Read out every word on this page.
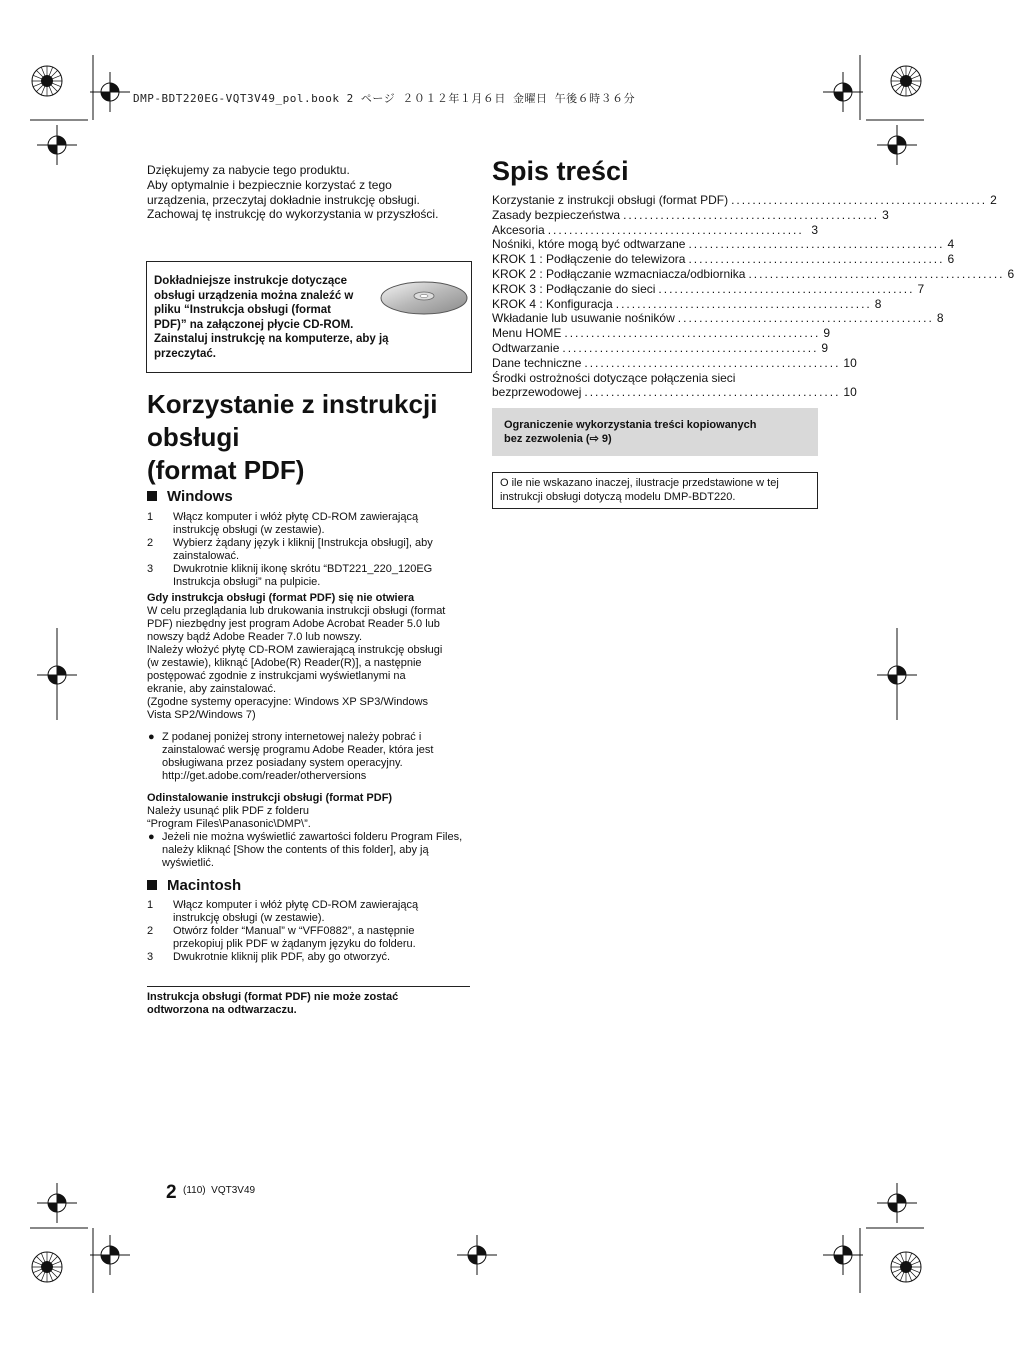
DMP-BDT220EG-VQT3V49_pol.book 2 ページ ２０１２年１月６日 金曜日 午後６時３６分
Dziękujemy za nabycie tego produktu.
Aby optymalnie i bezpiecznie korzystać z tego
urządzenia, przeczytaj dokładnie instrukcję obsługi.
Zachowaj tę instrukcję do wykorzystania w przyszłości.
Dokładniejsze instrukcje dotyczące
obsługi urządzenia można znaleźć w
pliku “Instrukcja obsługi (format
PDF)” na załączonej płycie CD-ROM.
Zainstaluj instrukcję na komputerze, aby ją
przeczytać.
Korzystanie z instrukcji
obsługi
(format PDF)
Windows
1 Włącz komputer i włóż płytę CD-ROM zawierającą instrukcję obsługi (w zestawie).
2 Wybierz żądany język i kliknij [Instrukcja obsługi], aby zainstalować.
3 Dwukrotnie kliknij ikonę skrótu “BDT221_220_120EG Instrukcja obsługi” na pulpicie.
Gdy instrukcja obsługi (format PDF) się nie otwiera
W celu przeglądania lub drukowania instrukcji obsługi (format
PDF) niezbędny jest program Adobe Acrobat Reader 5.0 lub
nowszy bądź Adobe Reader 7.0 lub nowszy.
lNależy włożyć płytę CD-ROM zawierającą instrukcję obsługi
(w zestawie), kliknąć [Adobe(R) Reader(R)], a następnie
postępować zgodnie z instrukcjami wyświetlanymi na
ekranie, aby zainstalować.
(Zgodne systemy operacyjne: Windows XP SP3/Windows
Vista SP2/Windows 7)
● Z podanej poniżej strony internetowej należy pobrać i zainstalować wersję programu Adobe Reader, która jest obsługiwana przez posiadany system operacyjny.
http://get.adobe.com/reader/otherversions
Odinstalowanie instrukcji obsługi (format PDF)
Należy usunąć plik PDF z folderu
“Program Files\Panasonic\DMP\”.
● Jeżeli nie można wyświetlić zawartości folderu Program Files, należy kliknąć [Show the contents of this folder], aby ją wyświetlić.
Macintosh
1 Włącz komputer i włóż płytę CD-ROM zawierającą instrukcję obsługi (w zestawie).
2 Otwórz folder “Manual” w “VFF0882”, a następnie przekopiuj plik PDF w żądanym języku do folderu.
3 Dwukrotnie kliknij plik PDF, aby go otworzyć.
Instrukcja obsługi (format PDF) nie może zostać
odtworzona na odtwarzaczu.
Spis treści
Korzystanie z instrukcji obsługi (format PDF) ................................................ 2
Zasady bezpieczeństwa ................................................ 3
Akcesoria ................................................ 3
Nośniki, które mogą być odtwarzane ................................................ 4
KROK 1 : Podłączenie do telewizora ................................................ 6
KROK 2 : Podłączanie wzmacniacza/odbiornika ................................................ 6
KROK 3 : Podłączanie do sieci ................................................ 7
KROK 4 : Konfiguracja ................................................ 8
Wkładanie lub usuwanie nośników ................................................ 8
Menu HOME ................................................ 9
Odtwarzanie ................................................ 9
Dane techniczne ................................................ 10
Środki ostrożności dotyczące połączenia sieci
bezprzewodowej ................................................ 10
Ograniczenie wykorzystania treści kopiowanych
bez zezwolenia (⇨ 9)
O ile nie wskazano inaczej, ilustracje przedstawione w tej
instrukcji obsługi dotyczą modelu DMP-BDT220.
2 (110)  VQT3V49
